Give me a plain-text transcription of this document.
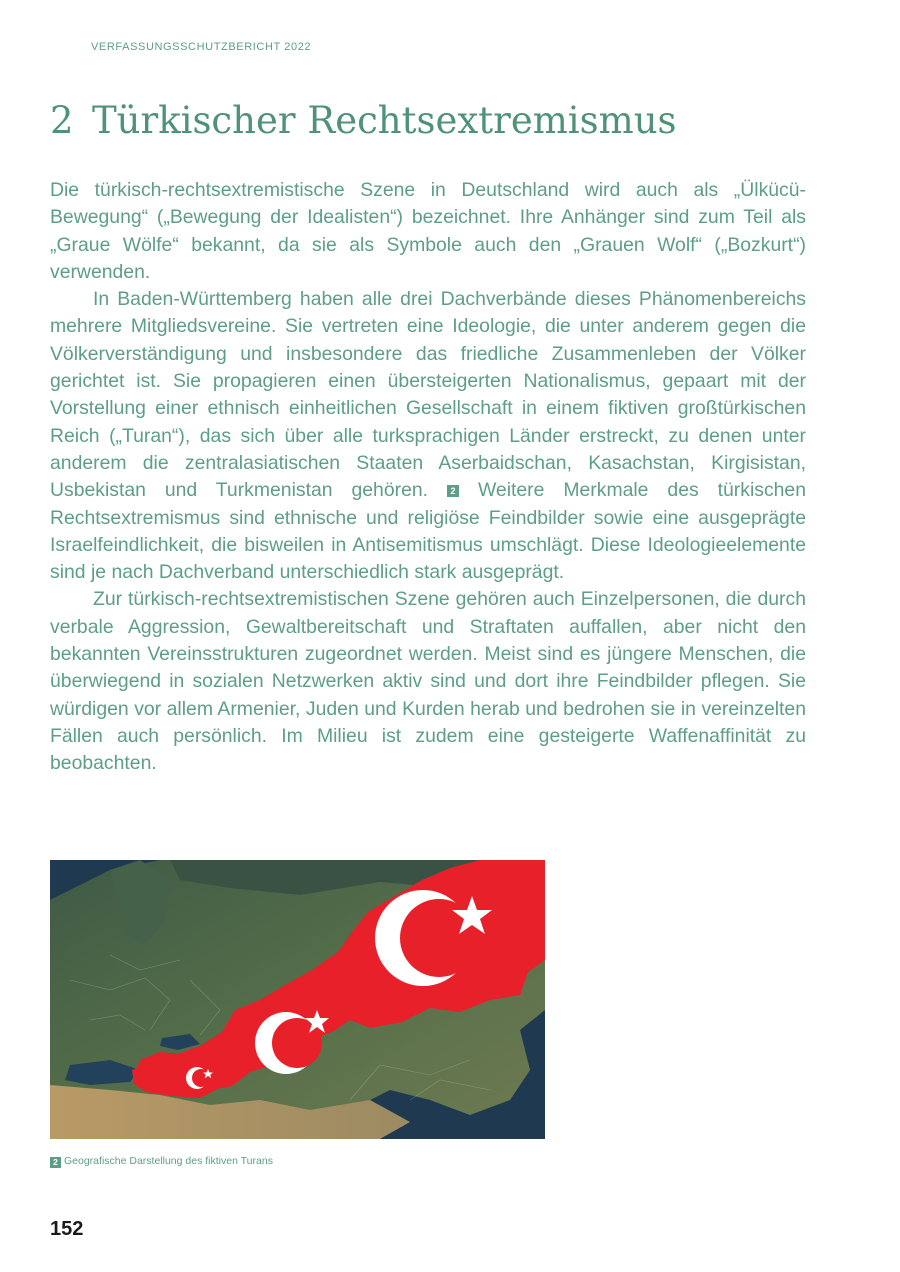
VERFASSUNGSSCHUTZBERICHT 2022
2 Türkischer Rechtsextremismus

Die türkisch-rechtsextremistische Szene in Deutschland wird auch als „Ülkücü-Bewegung“ („Bewegung der Idealisten“) bezeichnet. Ihre Anhänger sind zum Teil als „Graue Wölfe“ bekannt, da sie als Symbole auch den „Grauen Wolf“ („Bozkurt“) verwenden.

In Baden-Württemberg haben alle drei Dachverbände dieses Phänomenbereichs mehrere Mitgliedsvereine. Sie vertreten eine Ideologie, die unter anderem gegen die Völkerverständigung und insbesondere das friedliche Zusammenleben der Völker gerichtet ist. Sie propagieren einen übersteigerten Nationalismus, gepaart mit der Vorstellung einer ethnisch einheitlichen Gesellschaft in einem fiktiven großtürkischen Reich („Turan“), das sich über alle turksprachigen Länder erstreckt, zu denen unter anderem die zentralasiatischen Staaten Aserbaidschan, Kasachstan, Kirgisistan, Usbekistan und Turkmenistan gehören. 2 Weitere Merkmale des türkischen Rechtsextremismus sind ethnische und religiöse Feindbilder sowie eine ausgeprägte Israelfeindlichkeit, die bisweilen in Antisemitismus umschlägt. Diese Ideologieelemente sind je nach Dachverband unterschiedlich stark ausgeprägt.

Zur türkisch-rechtsextremistischen Szene gehören auch Einzelpersonen, die durch verbale Aggression, Gewaltbereitschaft und Straftaten auffallen, aber nicht den bekannten Vereinsstrukturen zugeordnet werden. Meist sind es jüngere Menschen, die überwiegend in sozialen Netzwerken aktiv sind und dort ihre Feindbilder pflegen. Sie würdigen vor allem Armenier, Juden und Kurden herab und bedrohen sie in vereinzelten Fällen auch persönlich. Im Milieu ist zudem eine gesteigerte Waffenaffinität zu beobachten.

2 Geografische Darstellung des fiktiven Turans
152
